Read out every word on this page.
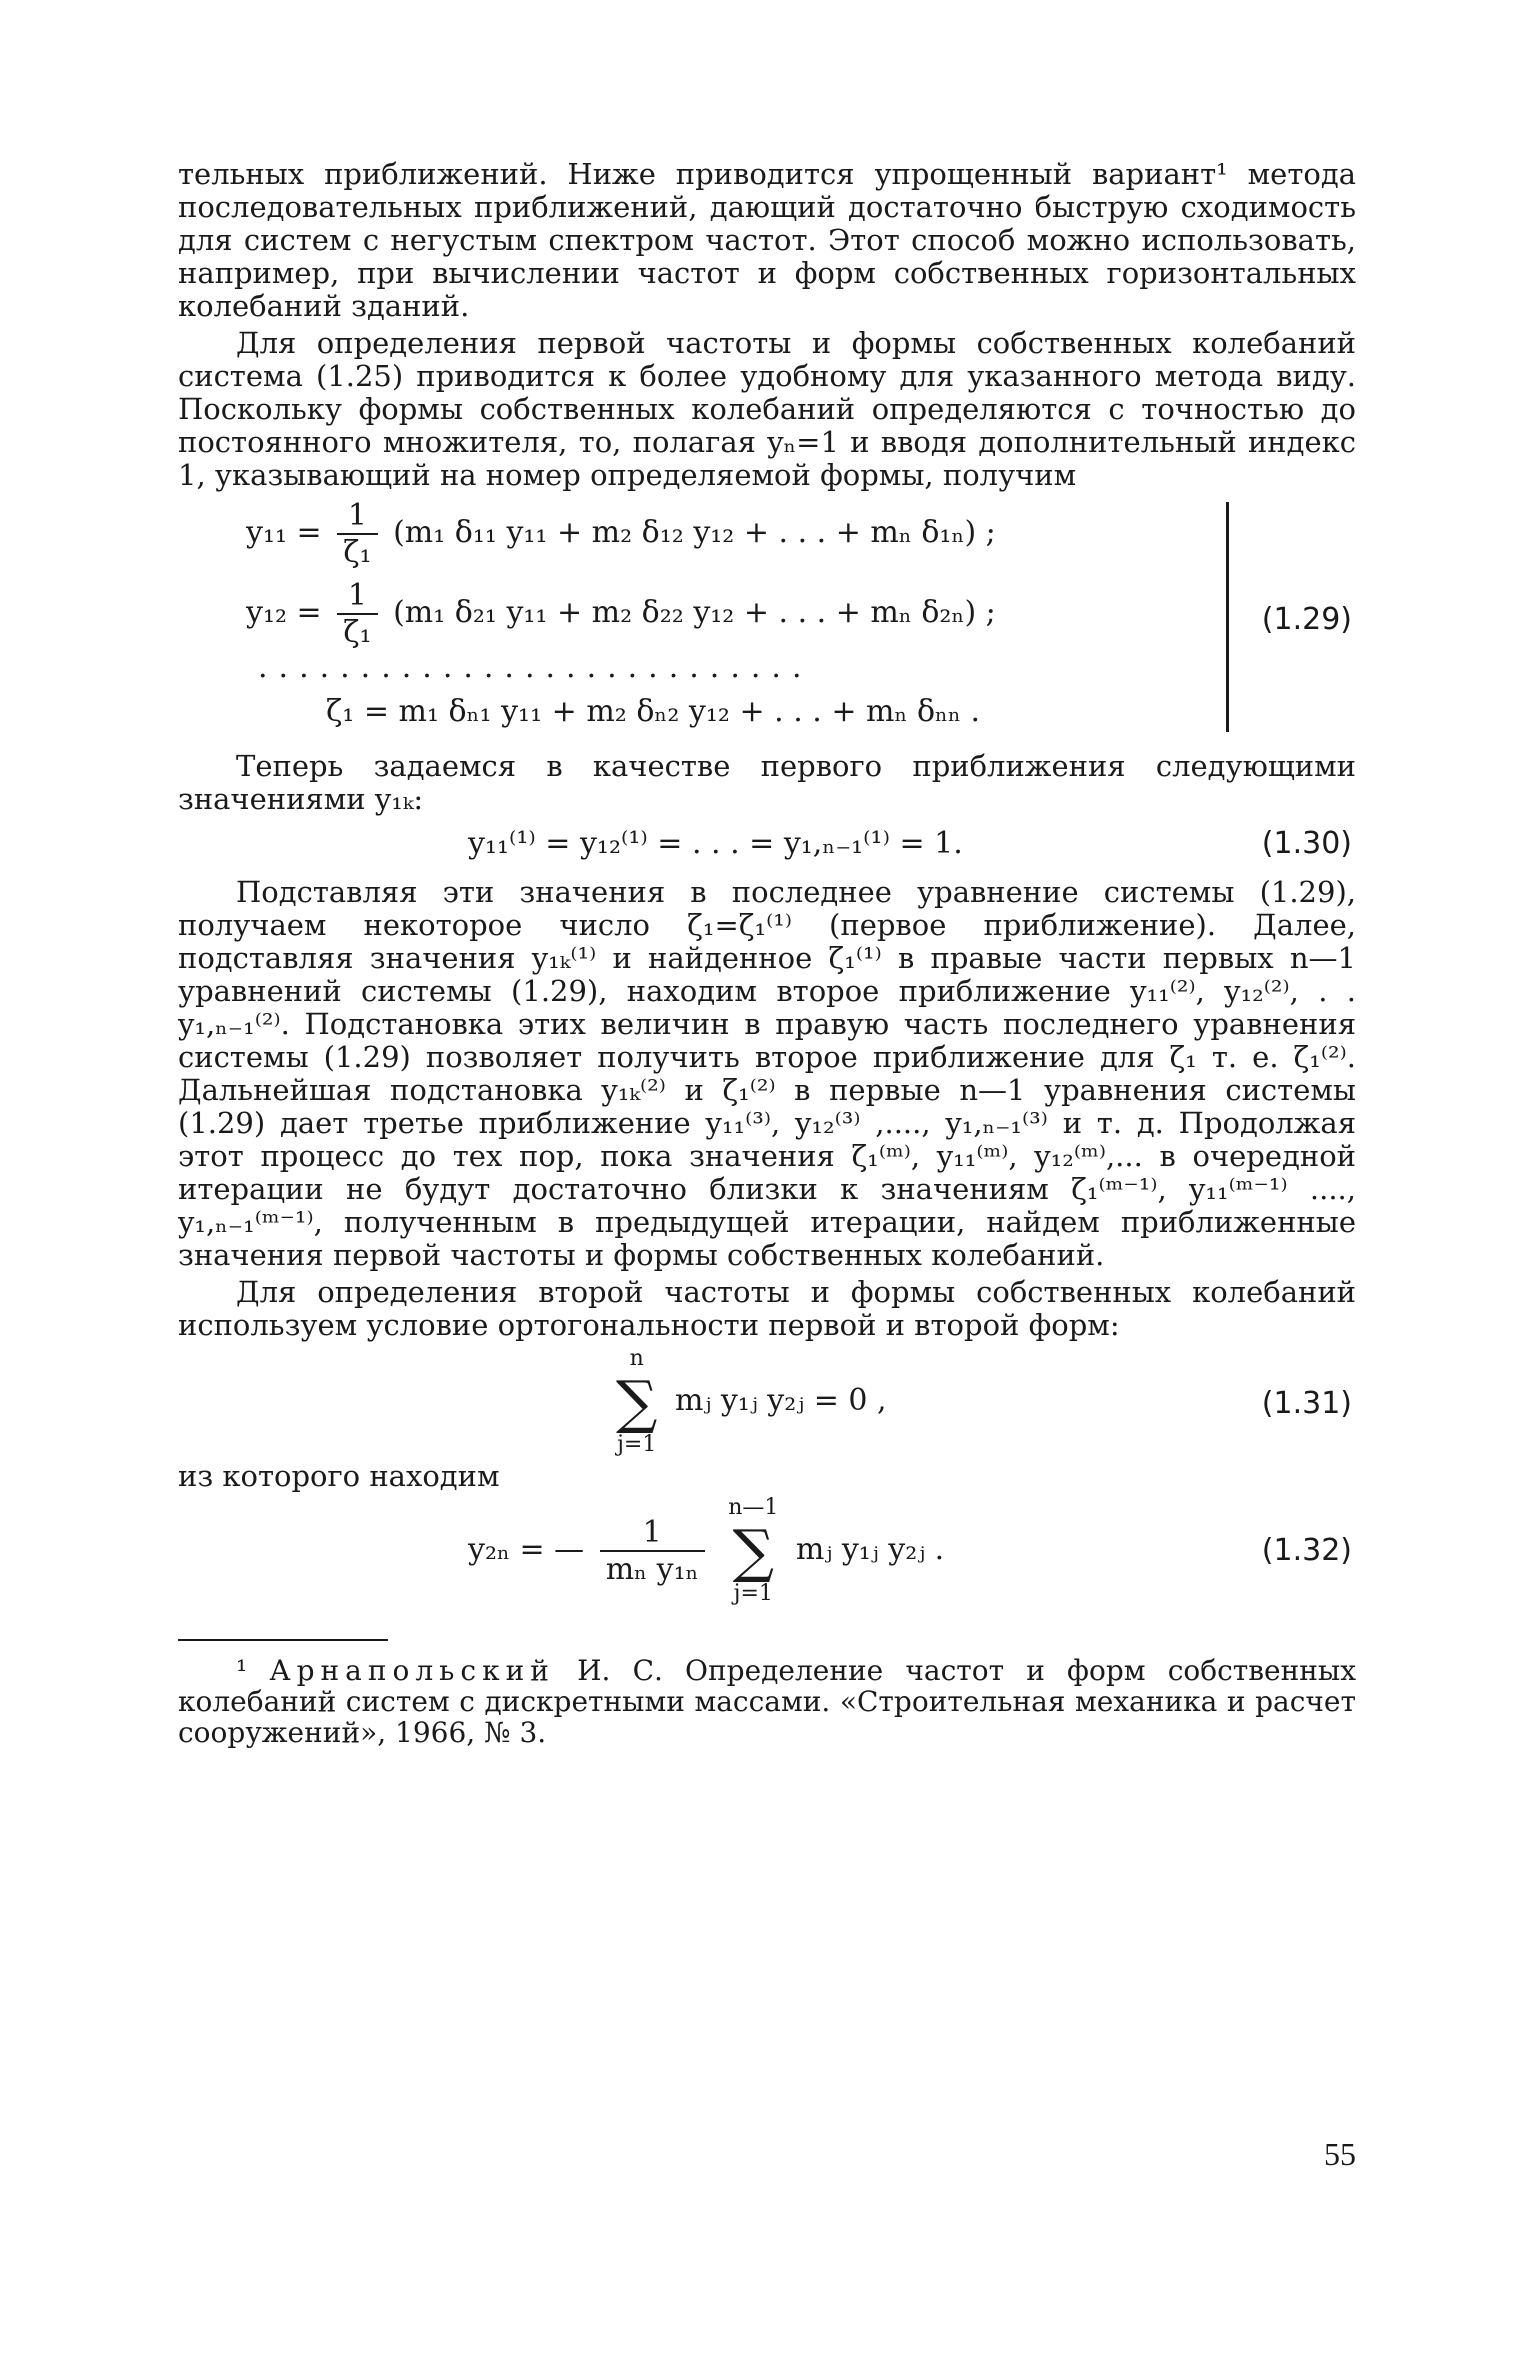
тельных приближений. Ниже приводится упрощенный вариант¹ метода последовательных приближений, дающий достаточно быструю сходимость для систем с негустым спектром частот. Этот способ можно использовать, например, при вычислении частот и форм собственных горизонтальных колебаний зданий.

Для определения первой частоты и формы собственных колебаний система (1.25) приводится к более удобному для указанного метода виду. Поскольку формы собственных колебаний определяются с точностью до постоянного множителя, то, полагая yₙ=1 и вводя дополнительный индекс 1, указывающий на номер определяемой формы, получим

$y_{11} = \frac{1}{\text{ζ₁}} (m_1$ δ₁₁ y₁₁ + m₂ δ₁₂ y₁₂ + . . . + mₙ δ₁ₙ) ;
$y_{12} = \frac{1}{\text{ζ₁}} (m_1$ δ₂₁ y₁₁ + m₂ δ₂₂ y₁₂ + . . . + mₙ δ₂ₙ) ;
...........................
ζ₁ = m₁ δₙ₁ y₁₁ + m₂ δₙ₂ y₁₂ + . . . + mₙ δₙₙ .
(1.29)

Теперь задаемся в качестве первого приближения следующими значениями y₁ₖ:

y₁₁⁽¹⁾ = y₁₂⁽¹⁾ = . . . = y₁,ₙ₋₁⁽¹⁾ = 1.	(1.30)

Подставляя эти значения в последнее уравнение системы (1.29), получаем некоторое число ζ₁=ζ₁⁽¹⁾ (первое приближение). Далее, подставляя значения y₁ₖ⁽¹⁾ и найденное ζ₁⁽¹⁾ в правые части первых n—1 уравнений системы (1.29), находим второе приближение y₁₁⁽²⁾, y₁₂⁽²⁾, . . y₁,ₙ₋₁⁽²⁾. Подстановка этих величин в правую часть последнего уравнения системы (1.29) позволяет получить второе приближение для ζ₁ т. е. ζ₁⁽²⁾. Дальнейшая подстановка y₁ₖ⁽²⁾ и ζ₁⁽²⁾ в первые n—1 уравнения системы (1.29) дает третье приближение y₁₁⁽³⁾, y₁₂⁽³⁾ ,...., y₁,ₙ₋₁⁽³⁾ и т. д. Продолжая этот процесс до тех пор, пока значения ζ₁⁽ᵐ⁾, y₁₁⁽ᵐ⁾, y₁₂⁽ᵐ⁾,... в очередной итерации не будут достаточно близки к значениям ζ₁⁽ᵐ⁻¹⁾, y₁₁⁽ᵐ⁻¹⁾ ...., y₁,ₙ₋₁⁽ᵐ⁻¹⁾, полученным в предыдущей итерации, найдем приближенные значения первой частоты и формы собственных колебаний.

Для определения второй частоты и формы собственных колебаний используем условие ортогональности первой и второй форм:

n
∑
j=1
mⱼ y₁ⱼ y₂ⱼ = 0 ,	(1.31)

из которого находим

y₂ₙ = — $\frac{1}{\text{mₙ y₁ₙ}}$

n—1
∑
j=1
mⱼ y₁ⱼ y₂ⱼ .	(1.32)

¹ Арнапольский И. С. Определение частот и форм собственных колебаний систем с дискретными массами. «Строительная механика и расчет сооружений», 1966, № 3.

55
